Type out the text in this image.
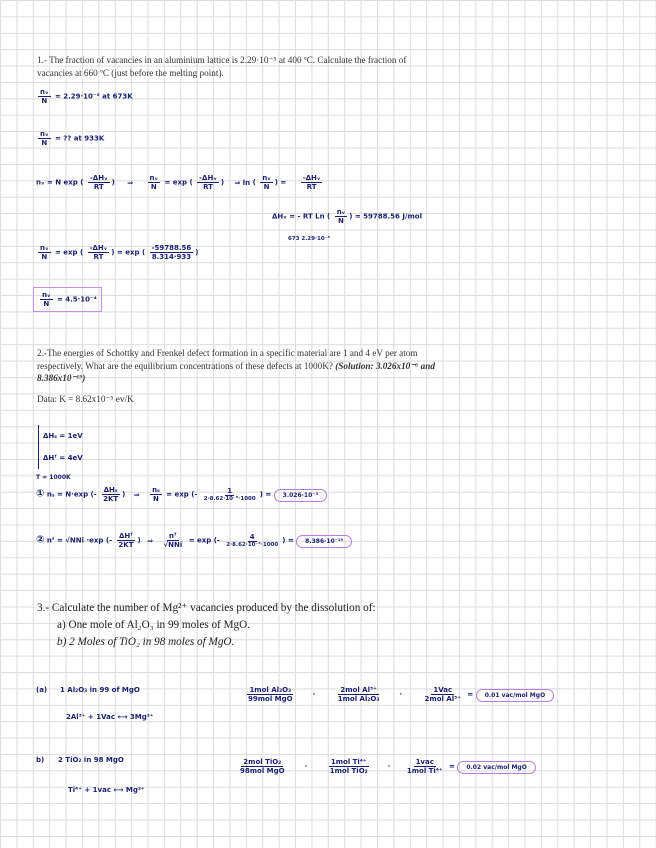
1.- The fraction of vacancies in an aluminium lattice is 2.29·10⁻⁵ at 400 ºC. Calculate the fraction of
vacancies at 660 ºC (just before the melting point).
$\frac{\text{nᵥ}}{N} = 2.29\cdot 10^{-5}$ at 673K
$\frac{\text{nᵥ}}{N}$ = ?? at 933K
nᵥ = N exp ( $\frac{\text{-ΔHᵥ}}{RT}$ ) ⇒ $\frac{\text{nᵥ}}{N} = \exp$ ( $\frac{\text{-ΔHᵥ}}{RT}$ ) ⇒ ln ( $\frac{\text{nᵥ}}{N}$ ) = $\frac{\text{-ΔHᵥ}}{RT}$
ΔHᵥ = - RT Ln ( $\frac{\text{nᵥ}}{N}$ ) = 59788.56 J/mol
673 2.29·10⁻⁵
$\frac{\text{nᵥ}}{N} = \exp$ ( $\frac{\text{-ΔHᵥ}}{RT}$ ) = exp ( $\frac{-59788.56}{8.314\cdot 933}$ )
$\frac{\text{nᵥ}}{N} = 4.5\cdot 10^{-4}$
2.-The energies of Schottky and Frenkel defect formation in a specific material are 1 and 4 eV per atom
respectively. What are the equilibrium concentrations of these defects at 1000K? (Solution: 3.026x10⁻⁶ and
8.386x10⁻¹⁹)
Data: K = 8.62x10⁻⁵ ev/K
ΔHₛ = 1eV
ΔHᶠ = 4eV
T = 1000K
① nₛ = N·exp (- $\frac{\text{ΔHₛ}}{2KT}$ ) ⇒ $\frac{\text{nₛ}}{N} = \exp$ (- $\frac{1}{\text{2·8.62·10⁻⁵·1000}}$ ) = 3.026·10⁻³
② nᶠ = √NNi ·exp (- $\frac{\text{ΔHᶠ}}{2KT}$ ) ⇒ $\frac{\text{nᶠ}}{\text{√NNi}} = \exp$ (- $\frac{4}{\text{2·8.62·10⁻⁵·1000}}$ ) = 8.386·10⁻¹⁹
3.- Calculate the number of Mg²⁺ vacancies produced by the dissolution of:
a) One mole of Al₂O₃ in 99 moles of MgO.
b) 2 Moles of TiO₂ in 98 moles of MgO.
(a) 1 Al₂O₃ in 99 of MgO
2Al³⁺ + 1Vac ⟷ 3Mg²⁺
$\frac{\text{1mol Al₂O₃}}{\text{99mol MgO}}$	·	$\frac{\text{2mol Al³⁺}}{\text{1mol Al₂O₃}}$	·	$\frac{\text{1Vac}}{\text{2mol Al³⁺}} = 0.01$ vac/mol MgO
b) 2 TiO₂ in 98 MgO
Ti⁴⁺ + 1vac ⟷ Mg²⁺
$\frac{\text{2mol TiO₂}}{\text{98mol MgO}}$	·	$\frac{\text{1mol Ti⁴⁺}}{\text{1mol TiO₂}}$	· $\frac{\text{1vac}}{\text{1mol Ti⁴⁺}} = 0.02$ vac/mol MgO
